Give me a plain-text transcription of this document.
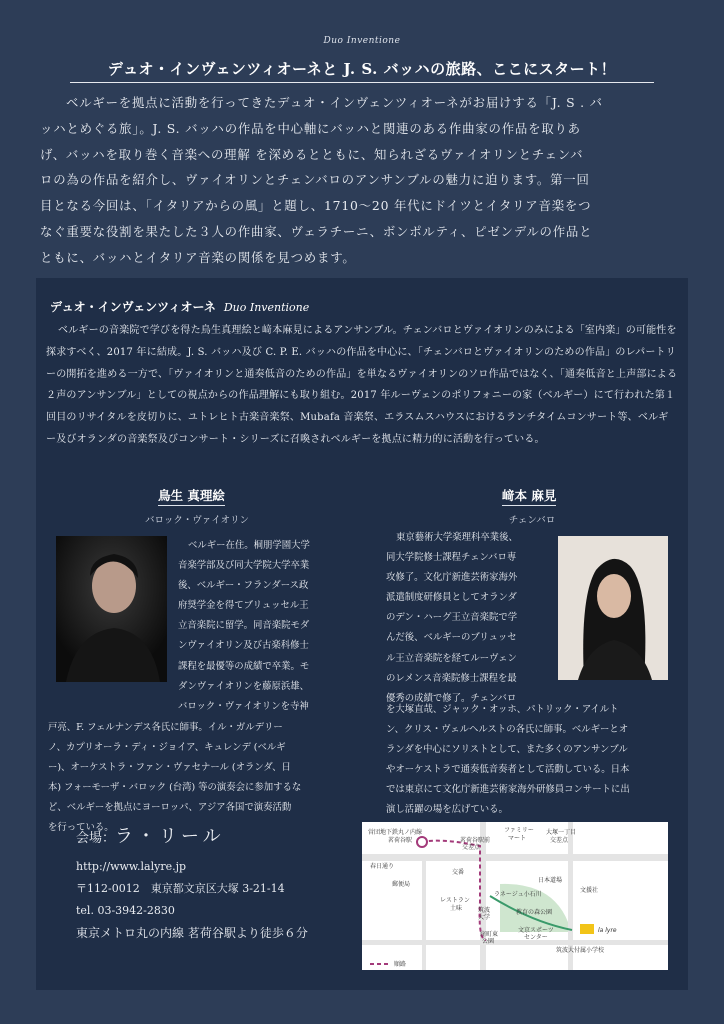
Duo Inventione
デュオ・インヴェンツィオーネと J. S. バッハの旅路、ここにスタート！
ベルギーを拠点に活動を行ってきたデュオ・インヴェンツィオーネがお届けする「J. S . バ
ッハとめぐる旅」。J. S. バッハの作品を中心軸にバッハと関連のある作曲家の作品を取りあ
げ、バッハを取り巻く音楽への理解 を深めるとともに、知られざるヴァイオリンとチェンバ
ロの為の作品を紹介し、ヴァイオリンとチェンバロのアンサンブルの魅力に迫ります。第一回
目となる今回は、「イタリアからの風」と題し、1710～20 年代にドイツとイタリア音楽をつ
なぐ重要な役割を果たした３人の作曲家、ヴェラチーニ、ボンポルティ、ピゼンデルの作品と
ともに、バッハとイタリア音楽の関係を見つめます。
デュオ・インヴェンツィオーネ Duo Inventione

ベルギーの音楽院で学びを得た鳥生真理絵と﨑本麻見によるアンサンブル。チェンバロとヴァイオリンのみによる「室内楽」の可能性を探求すべく、2017 年に結成。J. S. バッハ及び C. P. E. バッハの作品を中心に、「チェンバロとヴァイオリンのための作品」のレパートリーの開拓を進める一方で、「ヴァイオリンと通奏低音のための作品」を単なるヴァイオリンのソロ作品ではなく、「通奏低音と上声部による２声のアンサンブル」としての視点からの作品理解にも取り組む。2017 年ルーヴェンのポリフォニーの家（ベルギー）にて行われた第１回目のリサイタルを皮切りに、ユトレヒト古楽音楽祭、Mubafa 音楽祭、エラスムスハウスにおけるランチタイムコンサート等、ベルギー及びオランダの音楽祭及びコンサート・シリーズに召喚されベルギーを拠点に精力的に活動を行っている。

鳥生 真理絵
バロック・ヴァイオリン
ベルギー在住。桐朋学園大学
音楽学部及び同大学院大学卒業
後、ベルギー・フランダース政
府奨学金を得てブリュッセル王
立音楽院に留学。同音楽院モダ
ンヴァイオリン及び古楽科修士
課程を最優等の成績で卒業。モ
ダンヴァイオリンを藤原浜雄、
バロック・ヴァイオリンを寺神
戸亮、F. フェルナンデス各氏に師事。イル・ガルデリー
ノ、カプリオーラ・ディ・ジョイア、キュレンデ (ベルギ
ー)、オーケストラ・ファン・ヴァセナール (オランダ、日
本) フォーモーザ・バロック (台湾) 等の演奏会に参加するな
ど、ベルギーを拠点にヨーロッパ、アジア各国で演奏活動
を行っている。
﨑本 麻見
チェンバロ
東京藝術大学楽理科卒業後、
同大学院修士課程チェンバロ専
攻修了。文化庁新進芸術家海外
派遣制度研修員としてオランダ
のデン・ハーグ王立音楽院で学
んだ後、ベルギーのブリュッセ
ル王立音楽院を経てルーヴェン
のレメンス音楽院修士課程を最
優秀の成績で修了。チェンバロ
を大塚直哉、ジャック・オッホ、パトリック・アイルト
ン、クリス・ヴェルヘルストの各氏に師事。ベルギーとオ
ランダを中心にソリストとして、また多くのアンサンブル
やオーケストラで通奏低音奏者として活動している。日本
では東京にて文化庁新進芸術家海外研修員コンサートに出
演し活躍の場を広げている。
会場：ラ・リール
http://www.lalyre.jp
〒112-0012　東京都文京区大塚 3-21-14
tel. 03-3942-2830
東京メトロ丸の内線 茗荷谷駅より徒歩６分
営団地下鉄丸ノ内線
茗荷谷駅
ファミリー
マート
大塚一丁目
交差点
茗荷谷駅前
交差点
春日通り
交番
郵便局
日本道場
文援社
ラネージュ小石川
レストラン
土味	筑波
大学
教育の森公園
窪町東
公園
文京スポーツ
センター
筑波大付属小学校
順路
la lyre
